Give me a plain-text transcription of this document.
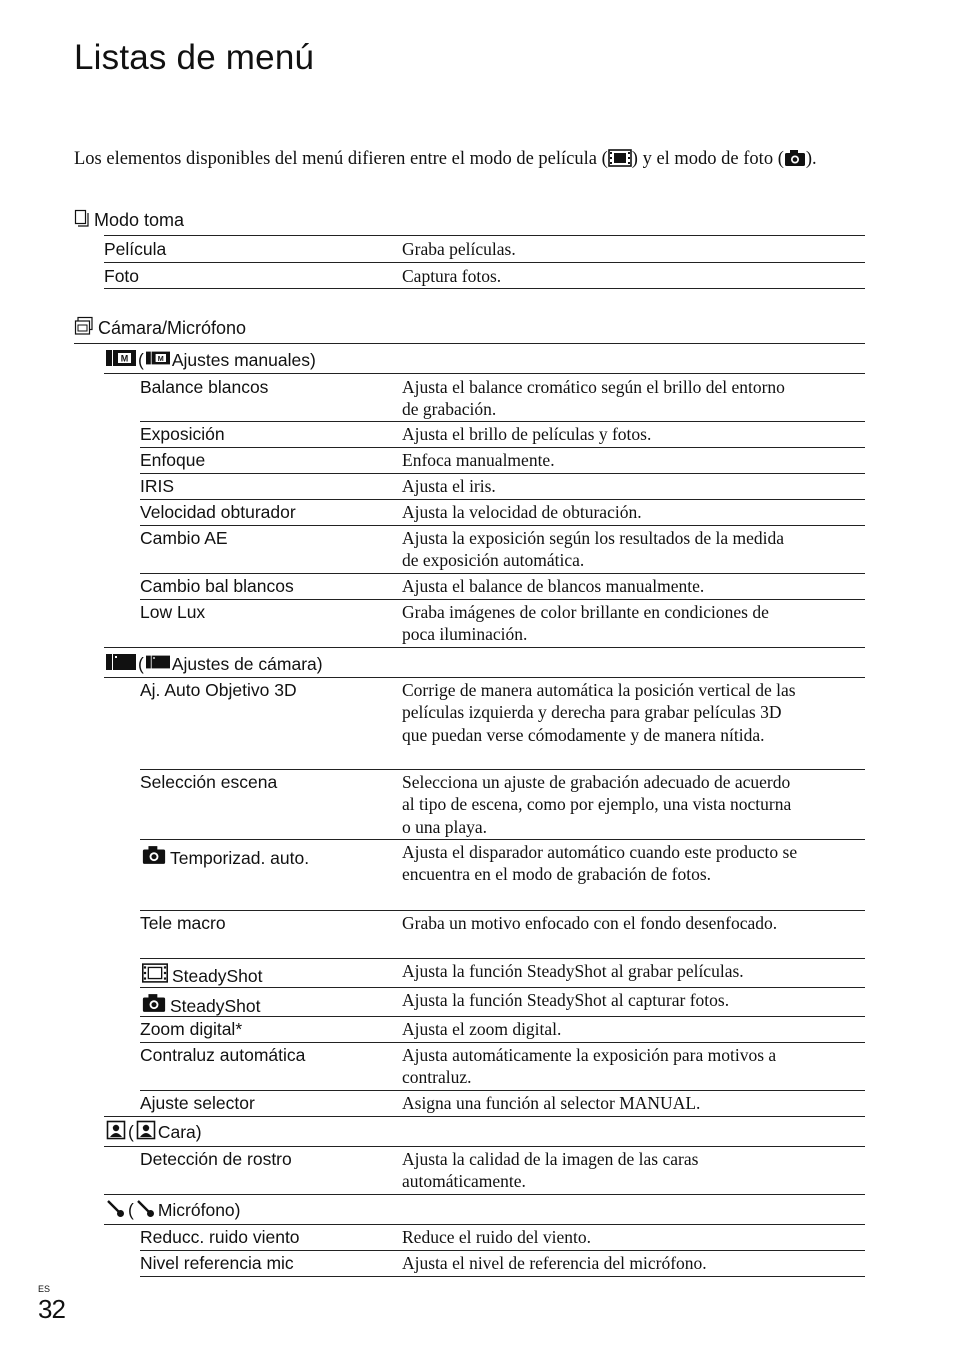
Listas de menú
Los elementos disponibles del menú difieren entre el modo de película ( ) y el modo de foto ( ).
Modo toma
Película	Graba películas.
Foto	Captura fotos.
Cámara/Micrófono
M ( M Ajustes manuales)
Balance blancos	Ajusta el balance cromático según el brillo del entorno de grabación.
Exposición	Ajusta el brillo de películas y fotos.
Enfoque	Enfoca manualmente.
IRIS	Ajusta el iris.
Velocidad obturador	Ajusta la velocidad de obturación.
Cambio AE	Ajusta la exposición según los resultados de la medida de exposición automática.
Cambio bal blancos	Ajusta el balance de blancos manualmente.
Low Lux	Graba imágenes de color brillante en condiciones de poca iluminación.
( Ajustes de cámara)
Aj. Auto Objetivo 3D	Corrige de manera automática la posición vertical de las películas izquierda y derecha para grabar películas 3D que puedan verse cómodamente y de manera nítida.
Selección escena	Selecciona un ajuste de grabación adecuado de acuerdo al tipo de escena, como por ejemplo, una vista nocturna o una playa.
Temporizad. auto.	Ajusta el disparador automático cuando este producto se encuentra en el modo de grabación de fotos.
Tele macro	Graba un motivo enfocado con el fondo desenfocado.
SteadyShot	Ajusta la función SteadyShot al grabar películas.
SteadyShot	Ajusta la función SteadyShot al capturar fotos.
Zoom digital*	Ajusta el zoom digital.
Contraluz automática	Ajusta automáticamente la exposición para motivos a contraluz.
Ajuste selector	Asigna una función al selector MANUAL.
( Cara)
Detección de rostro	Ajusta la calidad de la imagen de las caras automáticamente.
( Micrófono)
Reducc. ruido viento	Reduce el ruido del viento.
Nivel referencia mic	Ajusta el nivel de referencia del micrófono.
ES
32
